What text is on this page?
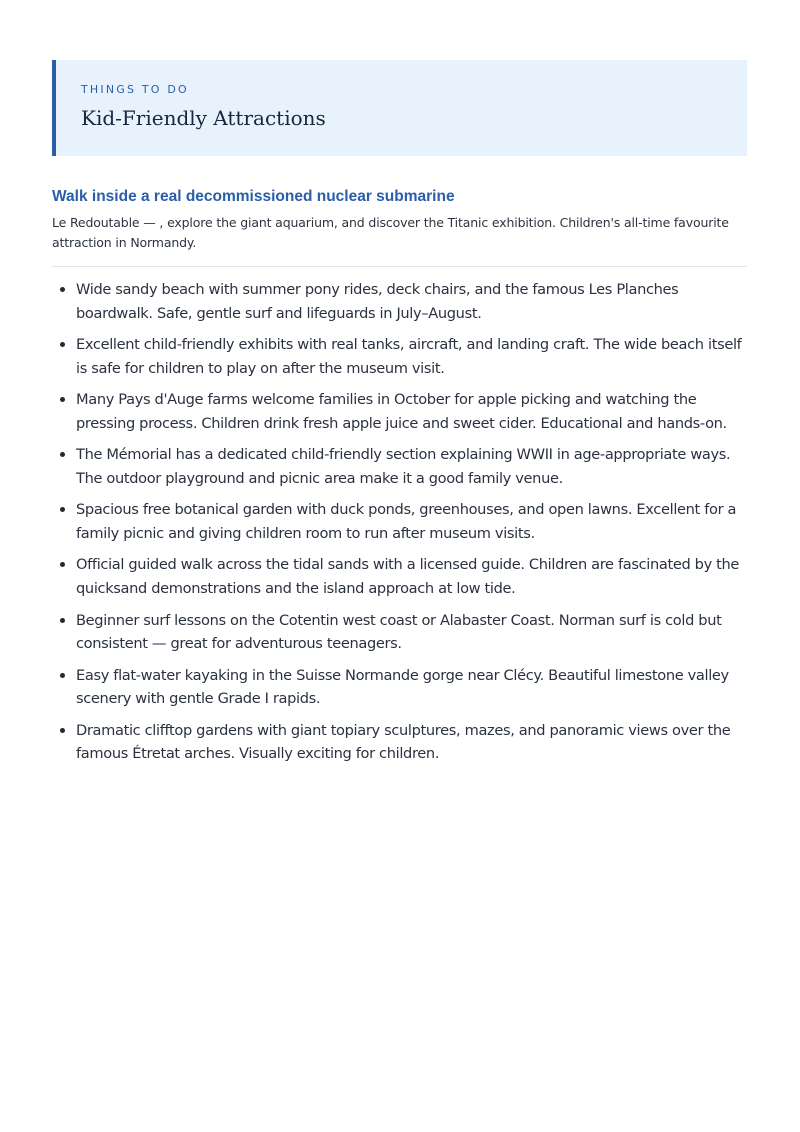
THINGS TO DO
Kid-Friendly Attractions
Walk inside a real decommissioned nuclear submarine

Le Redoutable — , explore the giant aquarium, and discover the Titanic exhibition. Children's all-time favourite attraction in Normandy.

Wide sandy beach with summer pony rides, deck chairs, and the famous Les Planches boardwalk. Safe, gentle surf and lifeguards in July–August.
Excellent child-friendly exhibits with real tanks, aircraft, and landing craft. The wide beach itself is safe for children to play on after the museum visit.
Many Pays d'Auge farms welcome families in October for apple picking and watching the pressing process. Children drink fresh apple juice and sweet cider. Educational and hands-on.
The Mémorial has a dedicated child-friendly section explaining WWII in age-appropriate ways. The outdoor playground and picnic area make it a good family venue.
Spacious free botanical garden with duck ponds, greenhouses, and open lawns. Excellent for a family picnic and giving children room to run after museum visits.
Official guided walk across the tidal sands with a licensed guide. Children are fascinated by the quicksand demonstrations and the island approach at low tide.
Beginner surf lessons on the Cotentin west coast or Alabaster Coast. Norman surf is cold but consistent — great for adventurous teenagers.
Easy flat-water kayaking in the Suisse Normande gorge near Clécy. Beautiful limestone valley scenery with gentle Grade I rapids.
Dramatic clifftop gardens with giant topiary sculptures, mazes, and panoramic views over the famous Étretat arches. Visually exciting for children.
